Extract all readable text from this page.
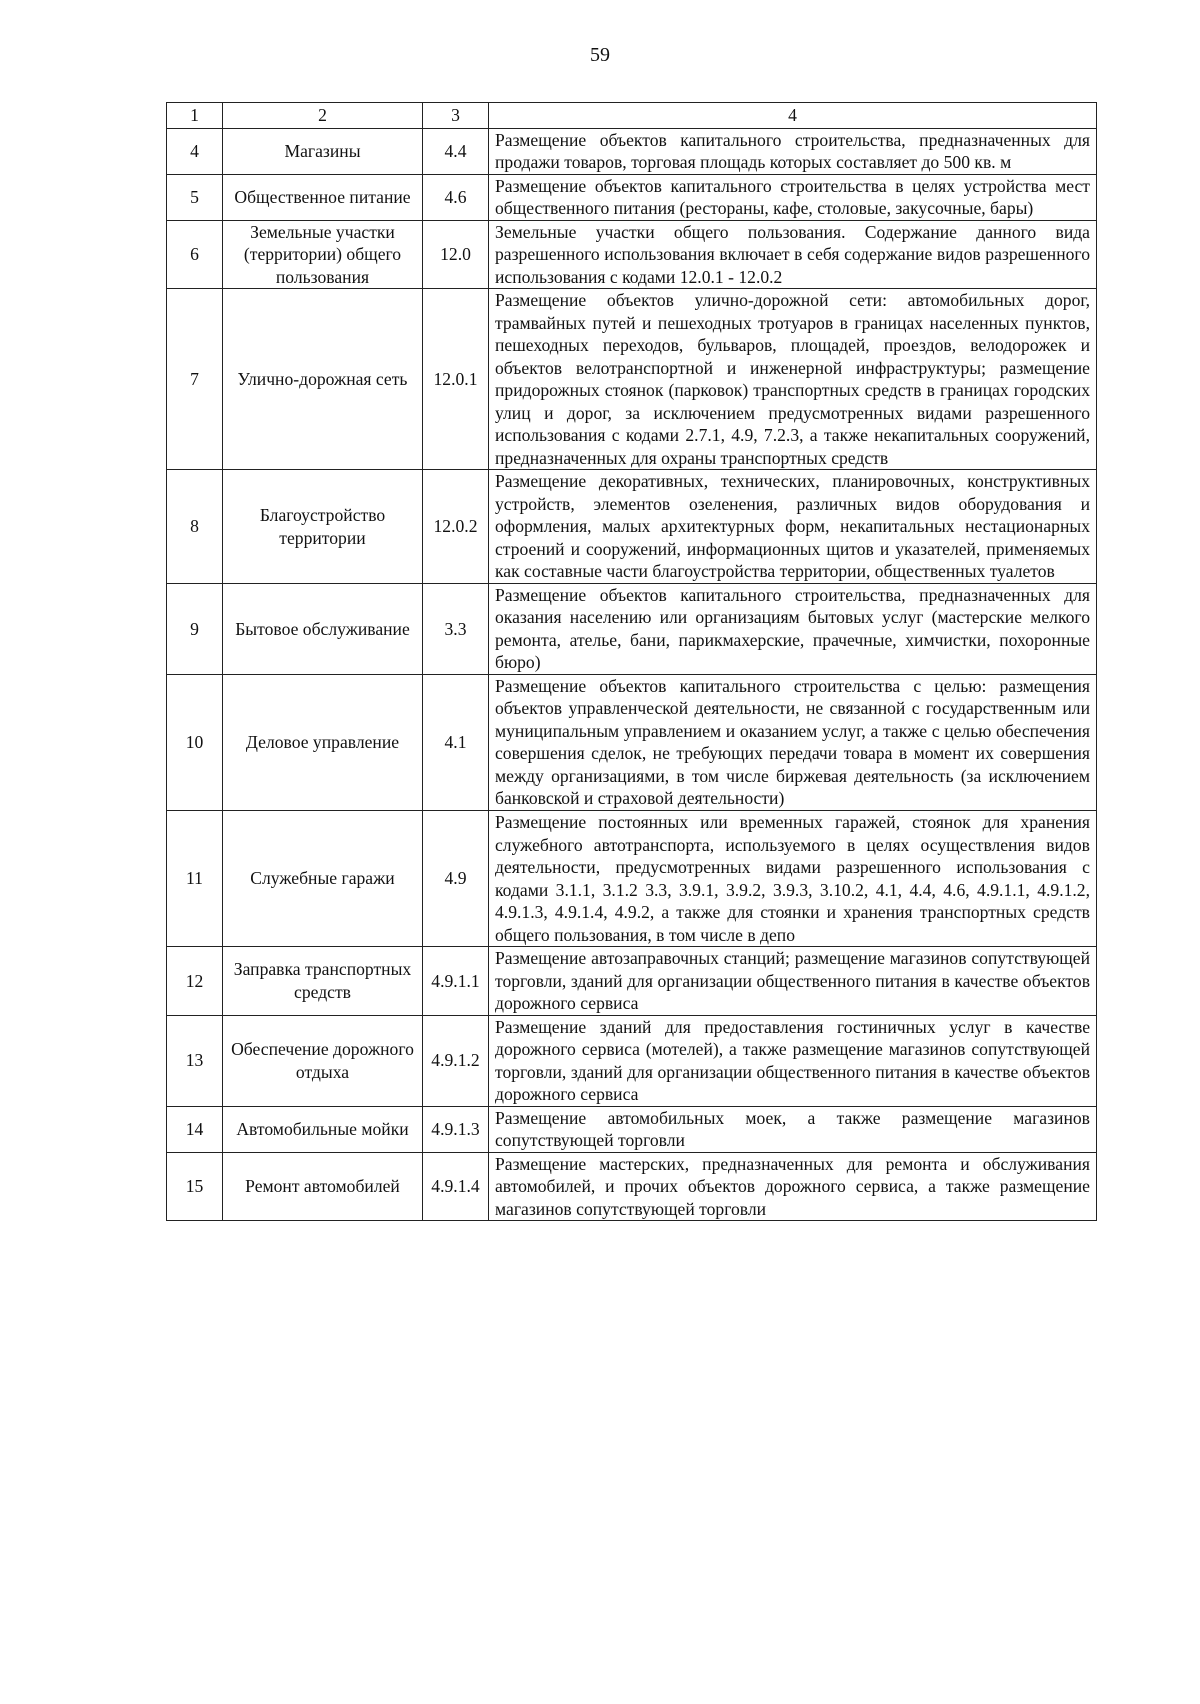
59
1	2	3	4
4	Магазины	4.4	Размещение объектов капитального строительства, предназначенных для продажи товаров, торговая площадь которых составляет до 500 кв. м
5	Общественное питание	4.6	Размещение объектов капитального строительства в целях устройства мест общественного питания (рестораны, кафе, столовые, закусочные, бары)
6	Земельные участки (территории) общего пользования	12.0	Земельные участки общего пользования. Содержание данного вида разрешенного использования включает в себя содержание видов разрешенного использования с кодами 12.0.1 - 12.0.2
7	Улично-дорожная сеть	12.0.1	Размещение объектов улично-дорожной сети: автомобильных дорог, трамвайных путей и пешеходных тротуаров в границах населенных пунктов, пешеходных переходов, бульваров, площадей, проездов, велодорожек и объектов велотранспортной и инженерной инфраструктуры; размещение придорожных стоянок (парковок) транспортных средств в границах городских улиц и дорог, за исключением предусмотренных видами разрешенного использования с кодами 2.7.1, 4.9, 7.2.3, а также некапитальных сооружений, предназначенных для охраны транспортных средств
8	Благоустройство территории	12.0.2	Размещение декоративных, технических, планировочных, конструктивных устройств, элементов озеленения, различных видов оборудования и оформления, малых архитектурных форм, некапитальных нестационарных строений и сооружений, информационных щитов и указателей, применяемых как составные части благоустройства территории, общественных туалетов
9	Бытовое обслуживание	3.3	Размещение объектов капитального строительства, предназначенных для оказания населению или организациям бытовых услуг (мастерские мелкого ремонта, ателье, бани, парикмахерские, прачечные, химчистки, похоронные бюро)
10	Деловое управление	4.1	Размещение объектов капитального строительства с целью: размещения объектов управленческой деятельности, не связанной с государственным или муниципальным управлением и оказанием услуг, а также с целью обеспечения совершения сделок, не требующих передачи товара в момент их совершения между организациями, в том числе биржевая деятельность (за исключением банковской и страховой деятельности)
11	Служебные гаражи	4.9	Размещение постоянных или временных гаражей, стоянок для хранения служебного автотранспорта, используемого в целях осуществления видов деятельности, предусмотренных видами разрешенного использования с кодами 3.1.1, 3.1.2 3.3, 3.9.1, 3.9.2, 3.9.3, 3.10.2, 4.1, 4.4, 4.6, 4.9.1.1, 4.9.1.2, 4.9.1.3, 4.9.1.4, 4.9.2, а также для стоянки и хранения транспортных средств общего пользования, в том числе в депо
12	Заправка транспортных средств	4.9.1.1	Размещение автозаправочных станций; размещение магазинов сопутствующей торговли, зданий для организации общественного питания в качестве объектов дорожного сервиса
13	Обеспечение дорожного отдыха	4.9.1.2	Размещение зданий для предоставления гостиничных услуг в качестве дорожного сервиса (мотелей), а также размещение магазинов сопутствующей торговли, зданий для организации общественного питания в качестве объектов дорожного сервиса
14	Автомобильные мойки	4.9.1.3	Размещение автомобильных моек, а также размещение магазинов сопутствующей торговли
15	Ремонт автомобилей	4.9.1.4	Размещение мастерских, предназначенных для ремонта и обслуживания автомобилей, и прочих объектов дорожного сервиса, а также размещение магазинов сопутствующей торговли
